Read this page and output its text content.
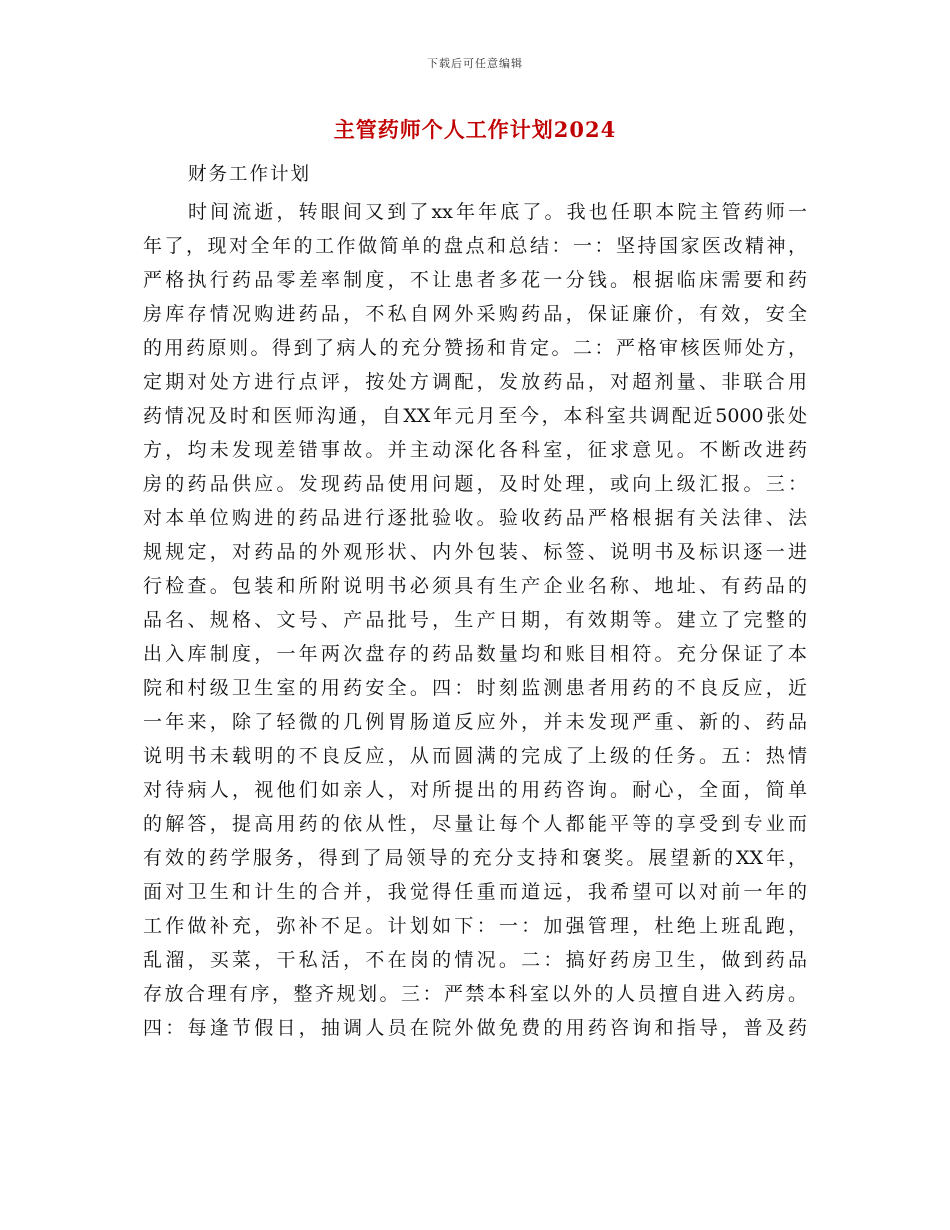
下载后可任意编辑
主管药师个人工作计划2024
财务工作计划
时间流逝，转眼间又到了xx年年底了。我也任职本院主管药师一
年了，现对全年的工作做简单的盘点和总结：一：坚持国家医改精神，
严格执行药品零差率制度，不让患者多花一分钱。根据临床需要和药
房库存情况购进药品，不私自网外采购药品，保证廉价，有效，安全
的用药原则。得到了病人的充分赞扬和肯定。二：严格审核医师处方，
定期对处方进行点评，按处方调配，发放药品，对超剂量、非联合用
药情况及时和医师沟通，自XX年元月至今，本科室共调配近5000张处
方，均未发现差错事故。并主动深化各科室，征求意见。不断改进药
房的药品供应。发现药品使用问题，及时处理，或向上级汇报。三：
对本单位购进的药品进行逐批验收。验收药品严格根据有关法律、法
规规定，对药品的外观形状、内外包装、标签、说明书及标识逐一进
行检查。包装和所附说明书必须具有生产企业名称、地址、有药品的
品名、规格、文号、产品批号，生产日期，有效期等。建立了完整的
出入库制度，一年两次盘存的药品数量均和账目相符。充分保证了本
院和村级卫生室的用药安全。四：时刻监测患者用药的不良反应，近
一年来，除了轻微的几例胃肠道反应外，并未发现严重、新的、药品
说明书未载明的不良反应，从而圆满的完成了上级的任务。五：热情
对待病人，视他们如亲人，对所提出的用药咨询。耐心，全面，简单
的解答，提高用药的依从性，尽量让每个人都能平等的享受到专业而
有效的药学服务，得到了局领导的充分支持和褒奖。展望新的XX年，
面对卫生和计生的合并，我觉得任重而道远，我希望可以对前一年的
工作做补充，弥补不足。计划如下：一：加强管理，杜绝上班乱跑，
乱溜，买菜，干私活，不在岗的情况。二：搞好药房卫生，做到药品
存放合理有序，整齐规划。三：严禁本科室以外的人员擅自进入药房。
四：每逢节假日，抽调人员在院外做免费的用药咨询和指导，普及药
